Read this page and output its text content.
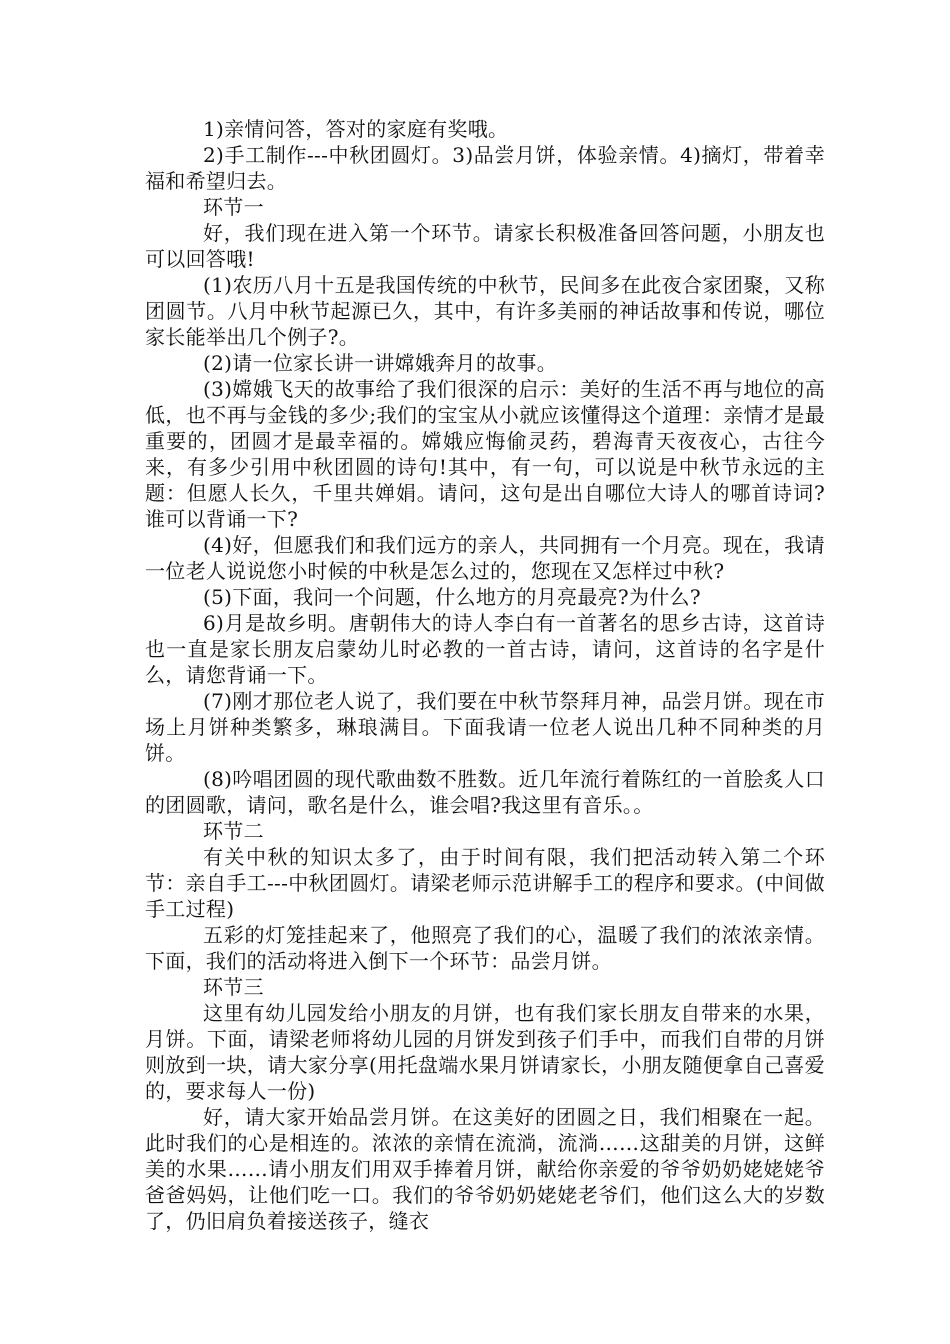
1)亲情问答，答对的家庭有奖哦。

2)手工制作---中秋团圆灯。3)品尝月饼，体验亲情。4)摘灯，带着幸福和希望归去。

环节一

好，我们现在进入第一个环节。请家长积极准备回答问题，小朋友也可以回答哦!

(1)农历八月十五是我国传统的中秋节，民间多在此夜合家团聚，又称团圆节。八月中秋节起源已久，其中，有许多美丽的神话故事和传说，哪位家长能举出几个例子?。

(2)请一位家长讲一讲嫦娥奔月的故事。

(3)嫦娥飞天的故事给了我们很深的启示：美好的生活不再与地位的高低，也不再与金钱的多少;我们的宝宝从小就应该懂得这个道理：亲情才是最重要的，团圆才是最幸福的。嫦娥应悔偷灵药，碧海青天夜夜心，古往今来，有多少引用中秋团圆的诗句!其中，有一句，可以说是中秋节永远的主题：但愿人长久，千里共婵娟。请问，这句是出自哪位大诗人的哪首诗词?谁可以背诵一下?

(4)好，但愿我们和我们远方的亲人，共同拥有一个月亮。现在，我请一位老人说说您小时候的中秋是怎么过的，您现在又怎样过中秋?

(5)下面，我问一个问题，什么地方的月亮最亮?为什么?

6)月是故乡明。唐朝伟大的诗人李白有一首著名的思乡古诗，这首诗也一直是家长朋友启蒙幼儿时必教的一首古诗，请问，这首诗的名字是什么，请您背诵一下。

(7)刚才那位老人说了，我们要在中秋节祭拜月神，品尝月饼。现在市场上月饼种类繁多，琳琅满目。下面我请一位老人说出几种不同种类的月饼。

(8)吟唱团圆的现代歌曲数不胜数。近几年流行着陈红的一首脍炙人口的团圆歌，请问，歌名是什么，谁会唱?我这里有音乐。。

环节二

有关中秋的知识太多了，由于时间有限，我们把活动转入第二个环节：亲自手工---中秋团圆灯。请梁老师示范讲解手工的程序和要求。(中间做手工过程)

五彩的灯笼挂起来了，他照亮了我们的心，温暖了我们的浓浓亲情。下面，我们的活动将进入倒下一个环节：品尝月饼。

环节三

这里有幼儿园发给小朋友的月饼，也有我们家长朋友自带来的水果，月饼。下面，请梁老师将幼儿园的月饼发到孩子们手中，而我们自带的月饼则放到一块，请大家分享(用托盘端水果月饼请家长，小朋友随便拿自己喜爱的，要求每人一份)

好，请大家开始品尝月饼。在这美好的团圆之日，我们相聚在一起。此时我们的心是相连的。浓浓的亲情在流淌，流淌……这甜美的月饼，这鲜美的水果……请小朋友们用双手捧着月饼，献给你亲爱的爷爷奶奶姥姥姥爷爸爸妈妈，让他们吃一口。我们的爷爷奶奶姥姥老爷们，他们这么大的岁数了，仍旧肩负着接送孩子，缝衣
